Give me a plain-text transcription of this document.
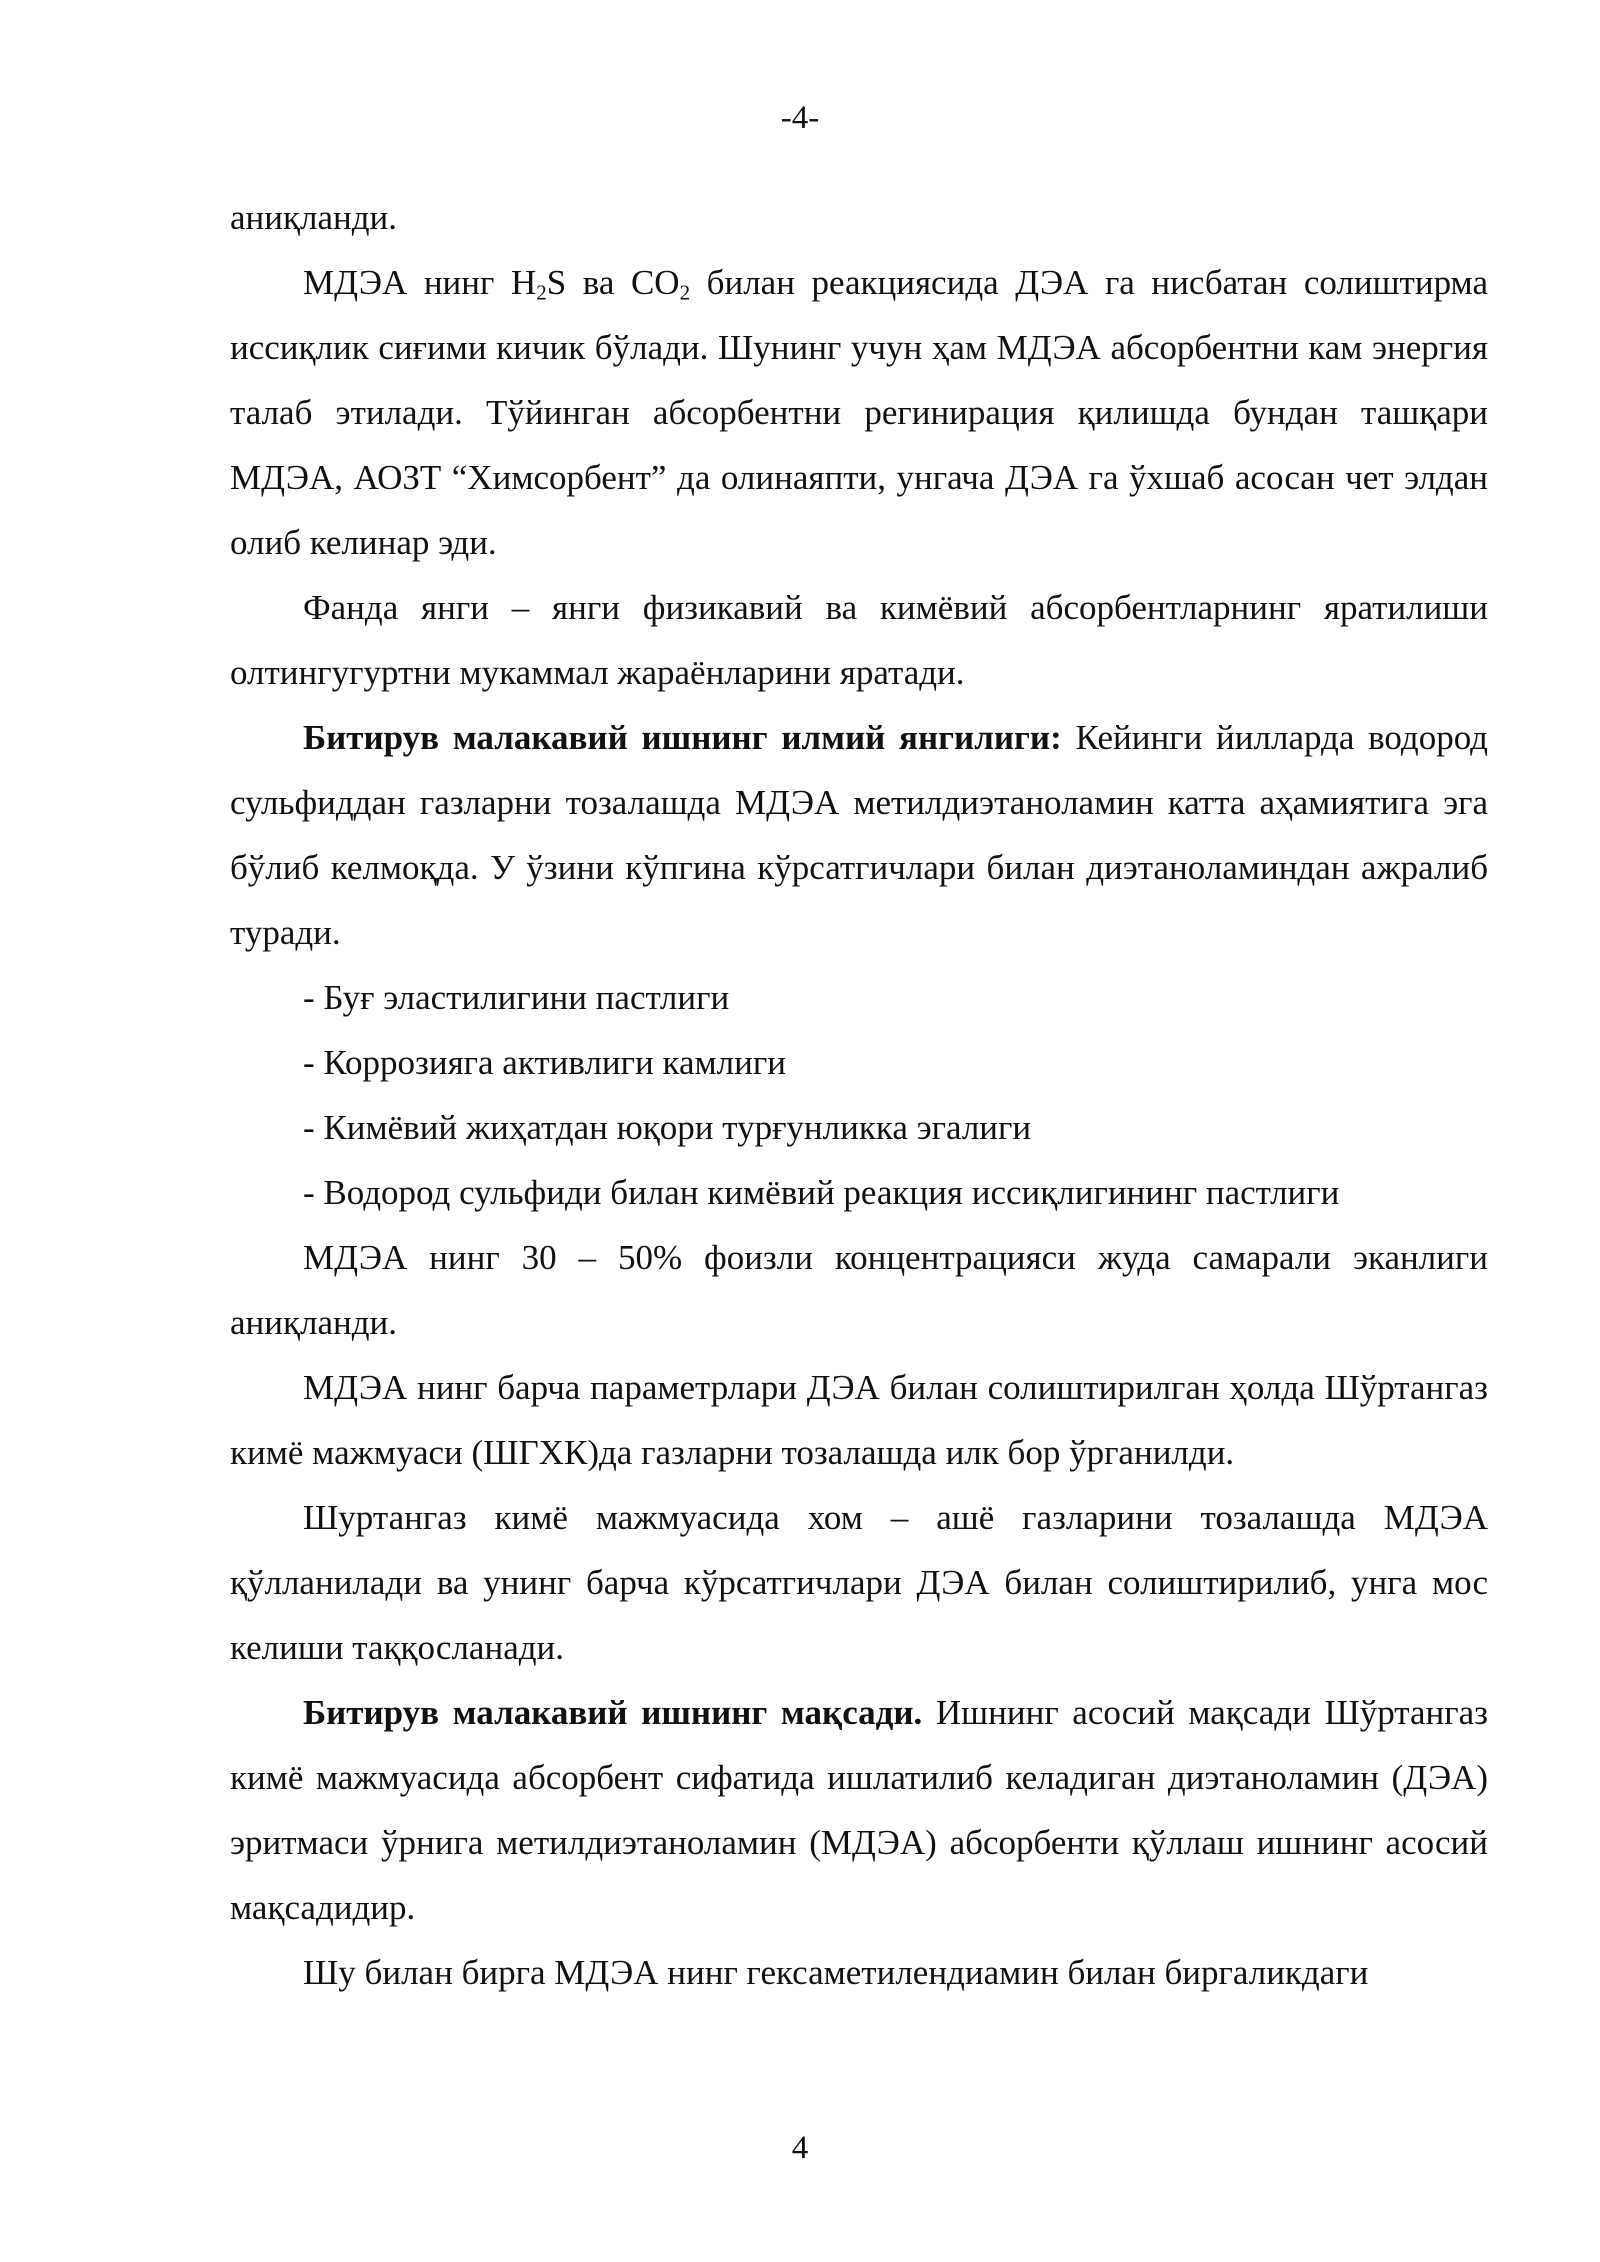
-4-

аниқланди.

МДЭА нинг $H_2S$ ва $CO_2$ билан реакциясида ДЭА га нисбатан солиштирма иссиқлик сиғими кичик бўлади. Шунинг учун ҳам МДЭА абсорбентни кам энергия талаб этилади. Тўйинган абсорбентни регинирация қилишда бундан ташқари МДЭА, АОЗТ “Химсорбент” да олинаяпти, унгача ДЭА га ўхшаб асосан чет элдан олиб келинар эди.

Фанда янги – янги физикавий ва кимёвий абсорбентларнинг яратилиши олтингугуртни мукаммал жараёнларини яратади.

Битирув малакавий ишнинг илмий янгилиги: Кейинги йилларда водород сульфиддан газларни тозалашда МДЭА метилдиэтаноламин катта аҳамиятига эга бўлиб келмоқда. У ўзини кўпгина кўрсатгичлари билан диэтаноламиндан ажралиб туради.

- Буғ эластилигини пастлиги

- Коррозияга активлиги камлиги

- Кимёвий жиҳатдан юқори турғунликка эгалиги

- Водород сульфиди билан кимёвий реакция иссиқлигининг пастлиги

МДЭА нинг 30 – 50% фоизли концентрацияси жуда самарали эканлиги аниқланди.

МДЭА нинг барча параметрлари ДЭА билан солиштирилган ҳолда Шўртангаз кимё мажмуаси (ШГХК)да газларни тозалашда илк бор ўрганилди.

Шуртангаз кимё мажмуасида хом – ашё газларини тозалашда МДЭА қўлланилади ва унинг барча кўрсатгичлари ДЭА билан солиштирилиб, унга мос келиши таққосланади.

Битирув малакавий ишнинг мақсади. Ишнинг асосий мақсади Шўртангаз кимё мажмуасида абсорбент сифатида ишлатилиб келадиган диэтаноламин (ДЭА) эритмаси ўрнига метилдиэтаноламин (МДЭА) абсорбенти қўллаш ишнинг асосий мақсадидир.

Шу билан бирга МДЭА нинг гексаметилендиамин билан биргаликдаги

4
